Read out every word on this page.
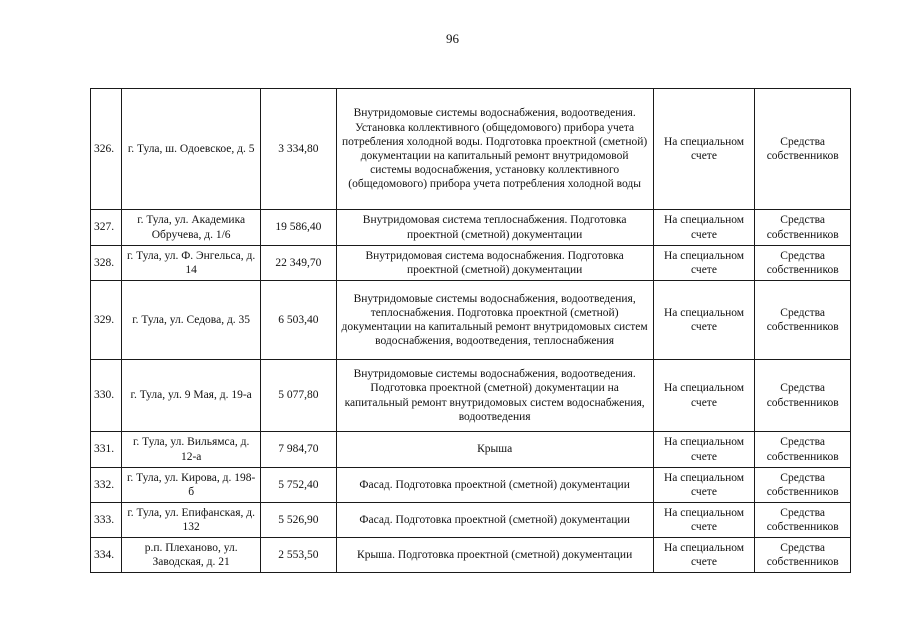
96
326.	г. Тула, ш. Одоевское, д. 5	3 334,80	Внутридомовые системы водоснабжения, водоотведения. Установка коллективного (общедомового) прибора учета потребления холодной воды. Подготовка проектной (сметной) документации на капитальный ремонт внутридомовой системы водоснабжения, установку коллективного (общедомового) прибора учета потребления холодной воды	На специальном счете	Средства собственников
327.	г. Тула, ул. Академика Обручева, д. 1/6	19 586,40	Внутридомовая система теплоснабжения. Подготовка проектной (сметной) документации	На специальном счете	Средства собственников
328.	г. Тула, ул. Ф. Энгельса, д. 14	22 349,70	Внутридомовая система водоснабжения. Подготовка проектной (сметной) документации	На специальном счете	Средства собственников
329.	г. Тула, ул. Седова, д. 35	6 503,40	Внутридомовые системы водоснабжения, водоотведения, теплоснабжения. Подготовка проектной (сметной) документации на капитальный ремонт внутридомовых систем водоснабжения, водоотведения, теплоснабжения	На специальном счете	Средства собственников
330.	г. Тула, ул. 9 Мая, д. 19-а	5 077,80	Внутридомовые системы водоснабжения, водоотведения. Подготовка проектной (сметной) документации на капитальный ремонт внутридомовых систем водоснабжения, водоотведения	На специальном счете	Средства собственников
331.	г. Тула, ул. Вильямса, д. 12-а	7 984,70	Крыша	На специальном счете	Средства собственников
332.	г. Тула, ул. Кирова, д. 198-б	5 752,40	Фасад. Подготовка проектной (сметной) документации	На специальном счете	Средства собственников
333.	г. Тула, ул. Епифанская, д. 132	5 526,90	Фасад. Подготовка проектной (сметной) документации	На специальном счете	Средства собственников
334.	р.п. Плеханово, ул. Заводская, д. 21	2 553,50	Крыша. Подготовка проектной (сметной) документации	На специальном счете	Средства собственников
